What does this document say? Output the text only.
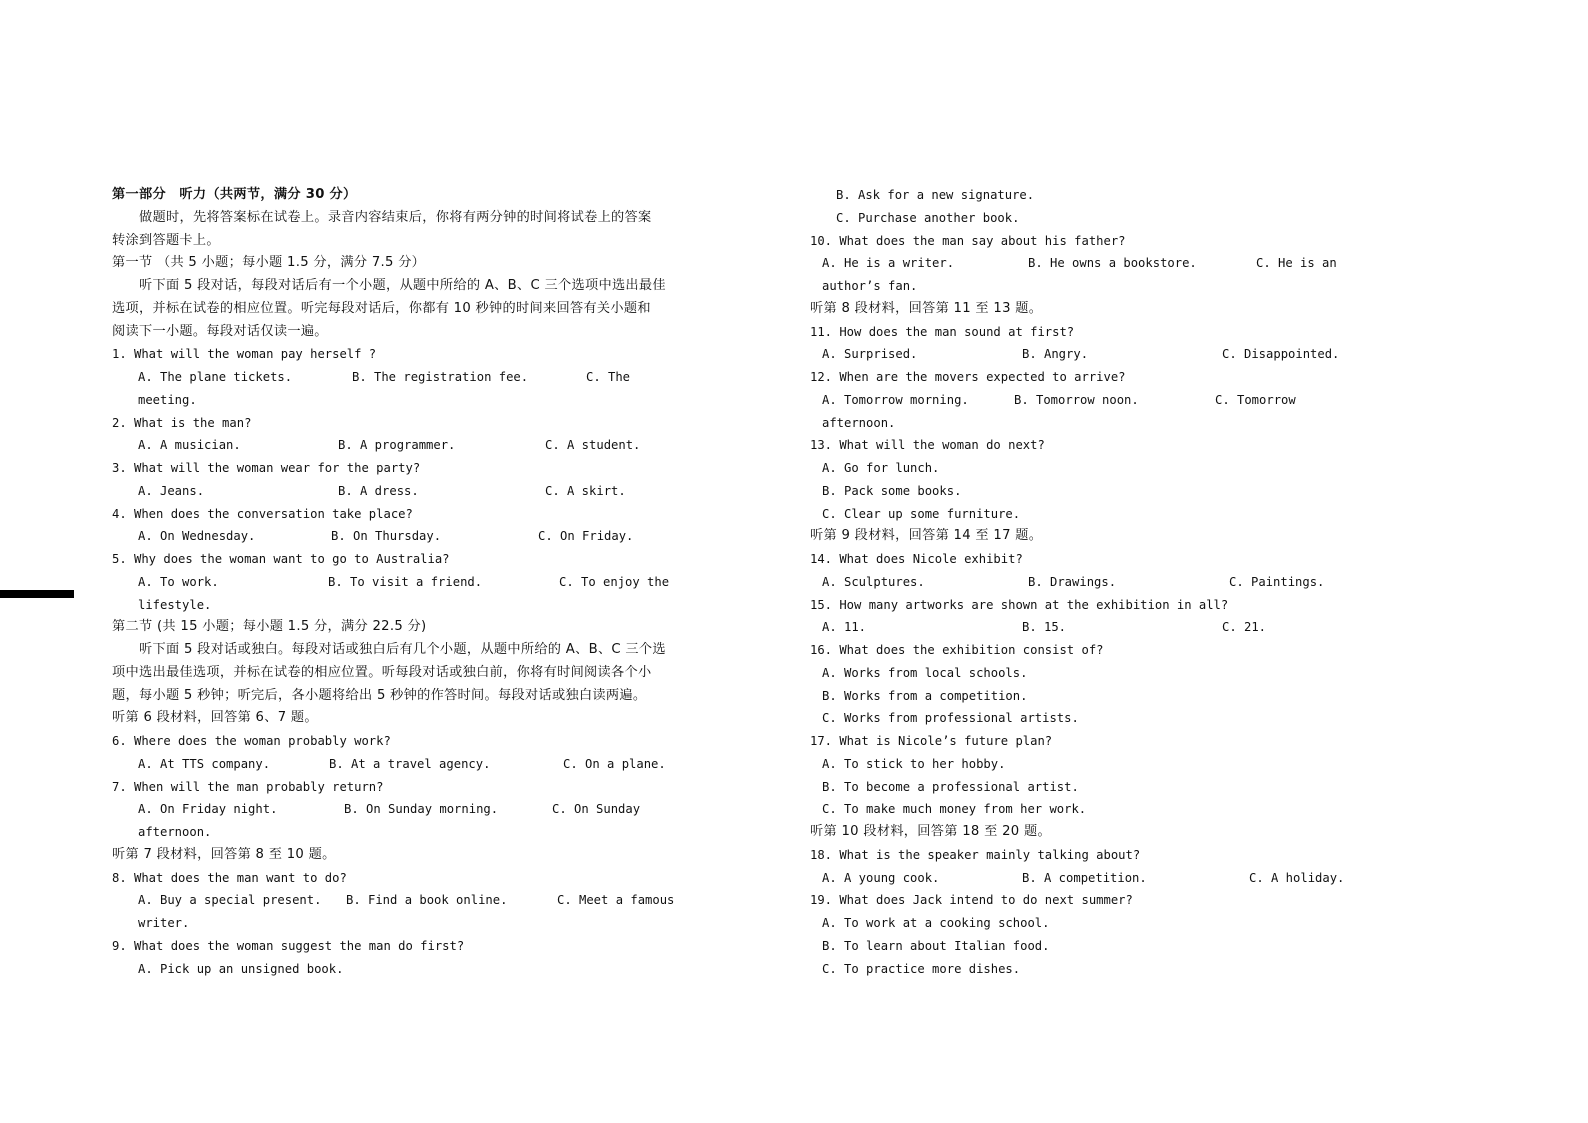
第一部分　听力（共两节，满分 30 分）
做题时，先将答案标在试卷上。录音内容结束后，你将有两分钟的时间将试卷上的答案
转涂到答题卡上。
第一节 （共 5 小题；每小题 1.5 分，满分 7.5 分）
听下面 5 段对话，每段对话后有一个小题，从题中所给的 A、B、C 三个选项中选出最佳
选项，并标在试卷的相应位置。听完每段对话后，你都有 10 秒钟的时间来回答有关小题和
阅读下一小题。每段对话仅读一遍。
1. What will the woman pay herself ?
A. The plane tickets.	B. The registration fee.	C. The
meeting.
2. What is the man?
A. A musician.	B. A programmer.	C. A student.
3. What will the woman wear for the party?
A. Jeans.	B. A dress.	C. A skirt.
4. When does the conversation take place?
A. On Wednesday.	B. On Thursday.	C. On Friday.
5. Why does the woman want to go to Australia?
A. To work.	B. To visit a friend.	C. To enjoy the
lifestyle.
第二节 (共 15 小题；每小题 1.5 分，满分 22.5 分)
听下面 5 段对话或独白。每段对话或独白后有几个小题，从题中所给的 A、B、C 三个选
项中选出最佳选项，并标在试卷的相应位置。听每段对话或独白前，你将有时间阅读各个小
题，每小题 5 秒钟；听完后，各小题将给出 5 秒钟的作答时间。每段对话或独白读两遍。
听第 6 段材料，回答第 6、7 题。
6. Where does the woman probably work?
A. At TTS company.	B. At a travel agency.	C. On a plane.
7. When will the man probably return?
A. On Friday night.	B. On Sunday morning.	C. On Sunday
afternoon.
听第 7 段材料，回答第 8 至 10 题。
8. What does the man want to do?
A. Buy a special present. B. Find a book online.	C. Meet a famous
writer.
9. What does the woman suggest the man do first?
A. Pick up an unsigned book.
B. Ask for a new signature.
C. Purchase another book.
10. What does the man say about his father?
A. He is a writer.	B. He owns a bookstore.	C. He is an
author’s fan.
听第 8 段材料，回答第 11 至 13 题。
11. How does the man sound at first?
A. Surprised.	B. Angry.	C. Disappointed.
12. When are the movers expected to arrive?
A. Tomorrow morning.	B. Tomorrow noon.	C. Tomorrow
afternoon.
13. What will the woman do next?
A. Go for lunch.
B. Pack some books.
C. Clear up some furniture.
听第 9 段材料，回答第 14 至 17 题。
14. What does Nicole exhibit?
A. Sculptures.	B. Drawings.	C. Paintings.
15. How many artworks are shown at the exhibition in all?
A. 11.	B. 15.	C. 21.
16. What does the exhibition consist of?
A. Works from local schools.
B. Works from a competition.
C. Works from professional artists.
17. What is Nicole’s future plan?
A. To stick to her hobby.
B. To become a professional artist.
C. To make much money from her work.
听第 10 段材料，回答第 18 至 20 题。
18. What is the speaker mainly talking about?
A. A young cook.	B. A competition.	C. A holiday.
19. What does Jack intend to do next summer?
A. To work at a cooking school.
B. To learn about Italian food.
C. To practice more dishes.
